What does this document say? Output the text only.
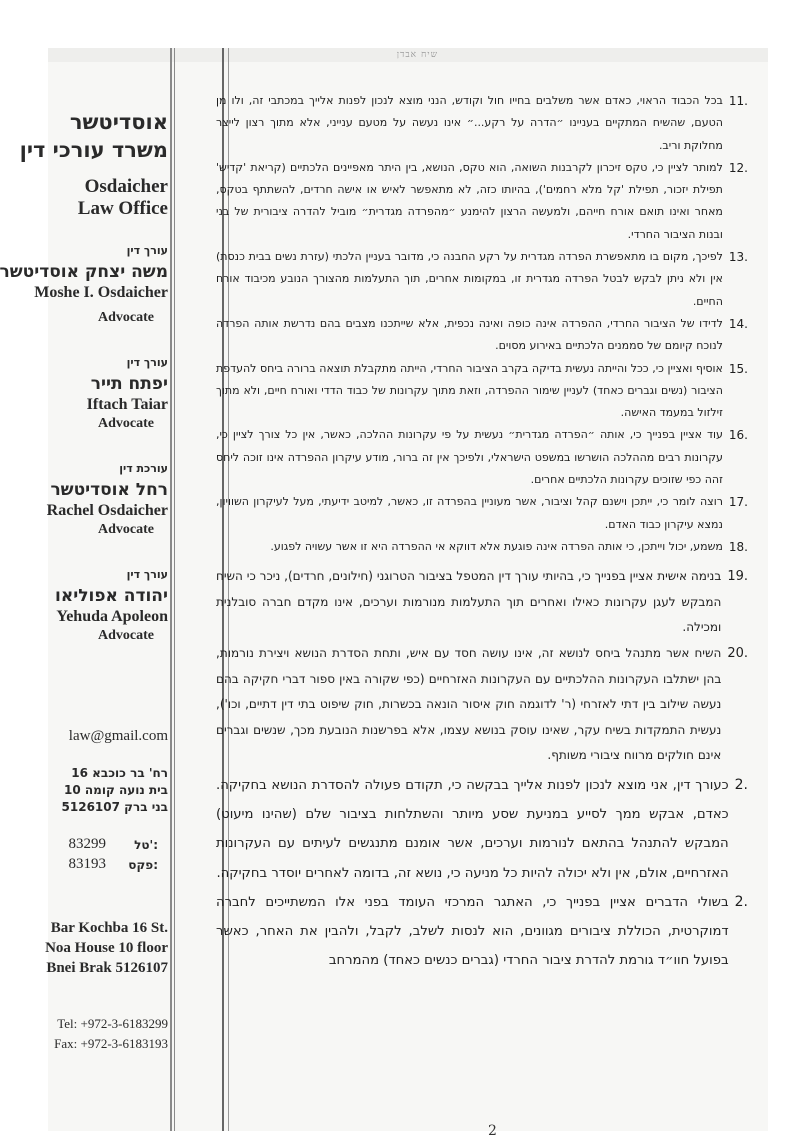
שיח אבדן
אוסדיטשר
משרד עורכי דין
Osdaicher
Law Office
עורך דין
משה יצחק אוסדיטשר
Moshe I. Osdaicher
Advocate
עורך דין
יפתח תייר
Iftach Taiar
Advocate
עורכת דין
רחל אוסדיטשר
Rachel Osdaicher
Advocate
עורך דין
יהודה אפוליאו
Yehuda Apoleon
Advocate
law@gmail.com
רח' בר כוכבא 16
בית נועה קומה 10
בני ברק 5126107
טל':
83299
פקס:
83193
Bar Kochba 16 St.
Noa House 10 floor
Bnei Brak 5126107
Tel: +972-3-6183299
Fax: +972-3-6183193
11.
בכל הכבוד הראוי, כאדם אשר משלבים בחייו חול וקודש, הנני מוצא לנכון לפנות אלייך במכתבי זה, ולו מן הטעם, שהשיח המתקיים בעניינו ״הדרה על רקע...״ אינו נעשה על מטעם ענייני, אלא מתוך רצון לייצר מחלוקת וריב.
12.
למותר לציין כי, טקס זיכרון לקרבנות השואה, הוא טקס, הנושא, בין היתר מאפיינים הלכתיים (קריאת 'קדיש' תפילת יזכור, תפילת 'קל מלא רחמים'), בהיותו כזה, לא מתאפשר לאיש או אישה חרדים, להשתתף בטקס, מאחר ואינו תואם אורח חייהם, ולמעשה הרצון להימנע ״מהפרדה מגדרית״ מוביל להדרה ציבורית של בני ובנות הציבור החרדי.
13.
לפיכך, מקום בו מתאפשרת הפרדה מגדרית על רקע החבנה כי, מדובר בעניין הלכתי (עזרת נשים בבית כנסת) אין ולא ניתן לבקש לבטל הפרדה מגדרית זו, במקומות אחרים, תוך התעלמות מהצורך הנובע מכיבוד אורח החיים.
14.
לדידו של הציבור החרדי, ההפרדה אינה כופה ואינה נכפית, אלא שייתכנו מצבים בהם נדרשת אותה הפרדה לנוכח קיומם של סממנים הלכתיים באירוע מסוים.
15.
אוסיף ואציין כי, ככל והייתה נעשית בדיקה בקרב הציבור החרדי, הייתה מתקבלת תוצאה ברורה ביחס להעדפת הציבור (נשים וגברים כאחד) לעניין שימור ההפרדה, וזאת מתוך עקרונות של כבוד הדדי ואורח חיים, ולא מתוך זילזול במעמד האישה.
16.
עוד אציין בפנייך כי, אותה ״הפרדה מגדרית״ נעשית על פי עקרונות ההלכה, כאשר, אין כל צורך לציין כי, עקרונות רבים מההלכה הושרשו במשפט הישראלי, ולפיכך אין זה ברור, מודע עיקרון ההפרדה אינו זוכה ליחס זהה כפי שזוכים עקרונות הלכתיים אחרים.
17.
רוצה לומר כי, ייתכן וישנם קהל וציבור, אשר מעוניין בהפרדה זו, כאשר, למיטב ידיעתי, מעל לעיקרון השוויון, נמצא עיקרון כבוד האדם.
18.
משמע, יכול וייתכן, כי אותה הפרדה אינה פוגעת אלא דווקא אי ההפרדה היא זו אשר עשויה לפגוע.
19.
בנימה אישית אציין בפנייך כי, בהיותי עורך דין המטפל בציבור הטרוגני (חילונים, חרדים), ניכר כי השיח המבקש לעגן עקרונות כאילו ואחרים תוך התעלמות מנורמות וערכים, אינו מקדם חברה סובלנית ומכילה.
20.
השיח אשר מתנהל ביחס לנושא זה, אינו עושה חסד עם איש, ותחת הסדרת הנושא ויצירת נורמות, בהן ישתלבו העקרונות ההלכתיים עם העקרונות האזרחיים (כפי שקורה באין ספור דברי חקיקה בהם נעשה שילוב בין דתי לאזרחי (ר' לדוגמה חוק איסור הונאה בכשרות, חוק שיפוט בתי דין דתיים, וכו'), נעשית התמקדות בשיח עקר, שאינו עוסק בנושא עצמו, אלא בפרשנות הנובעת מכך, שנשים וגברים אינם חולקים מרווח ציבורי משותף.
2.
כעורך דין, אני מוצא לנכון לפנות אלייך בבקשה כי, תקודם פעולה להסדרת הנושא בחקיקה. כאדם, אבקש ממך לסייע במניעת שסע מיותר והשתלחות בציבור שלם (שהינו מיעוט) המבקש להתנהל בהתאם לנורמות וערכים, אשר אומנם מתנגשים לעיתים עם העקרונות האזרחיים, אולם, אין ולא יכולה להיות כל מניעה כי, נושא זה, בדומה לאחרים יוסדר בחקיקה.
2.
בשולי הדברים אציין בפנייך כי, האתגר המרכזי העומד בפני אלו המשתייכים לחברה דמוקרטית, הכוללת ציבורים מגוונים, הוא לנסות לשלב, לקבל, ולהבין את האחר, כאשר בפועל חוו״ד גורמת להדרת ציבור החרדי (גברים כנשים כאחד) מהמרחב
2
